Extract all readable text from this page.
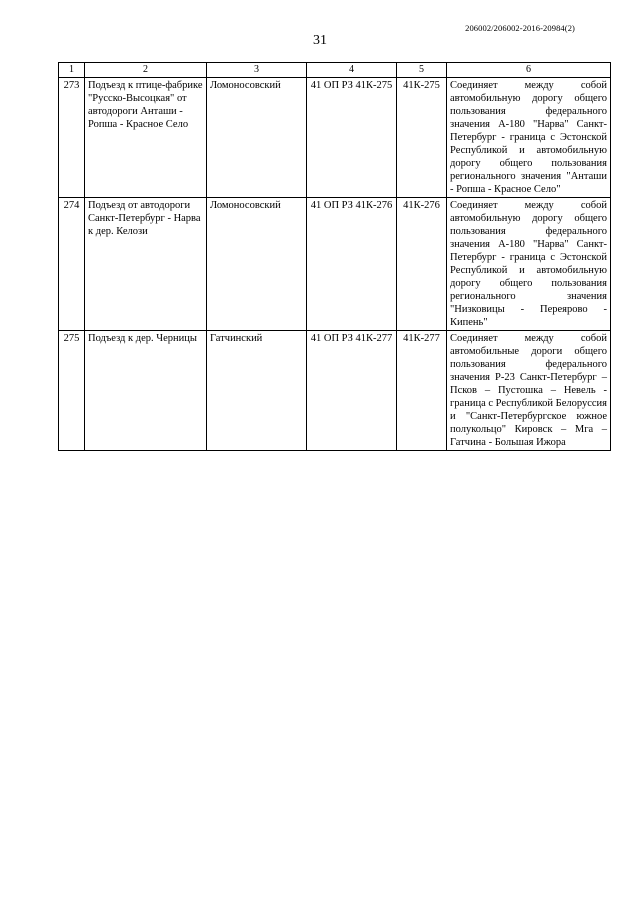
206002/206002-2016-20984(2)
31
1	2	3	4	5	6
273	Подъезд к птице-фабрике "Русско-Высоцкая" от автодороги Анташи - Ропша - Красное Село	Ломоносовский	41 ОП РЗ 41К-275	41К-275	Соединяет между собой автомобильную дорогу общего пользования федерального значения А-180 "Нарва" Санкт-Петербург - граница с Эстонской Республикой и автомобильную дорогу общего пользования регионального значения "Анташи - Ропша - Красное Село"
274	Подъезд от автодороги Санкт-Петербург - Нарва к дер. Келози	Ломоносовский	41 ОП РЗ 41К-276	41К-276	Соединяет между собой автомобильную дорогу общего пользования федерального значения А-180 "Нарва" Санкт-Петербург - граница с Эстонской Республикой и автомобильную дорогу общего пользования регионального значения "Низковицы - Переярово - Кипень"
275	Подъезд к дер. Черницы	Гатчинский	41 ОП РЗ 41К-277	41К-277	Соединяет между собой автомобильные дороги общего пользования федерального значения Р-23 Санкт-Петербург – Псков – Пустошка – Невель - граница с Республикой Белоруссия и "Санкт-Петербургское южное полукольцо" Кировск – Мга – Гатчина - Большая Ижора
